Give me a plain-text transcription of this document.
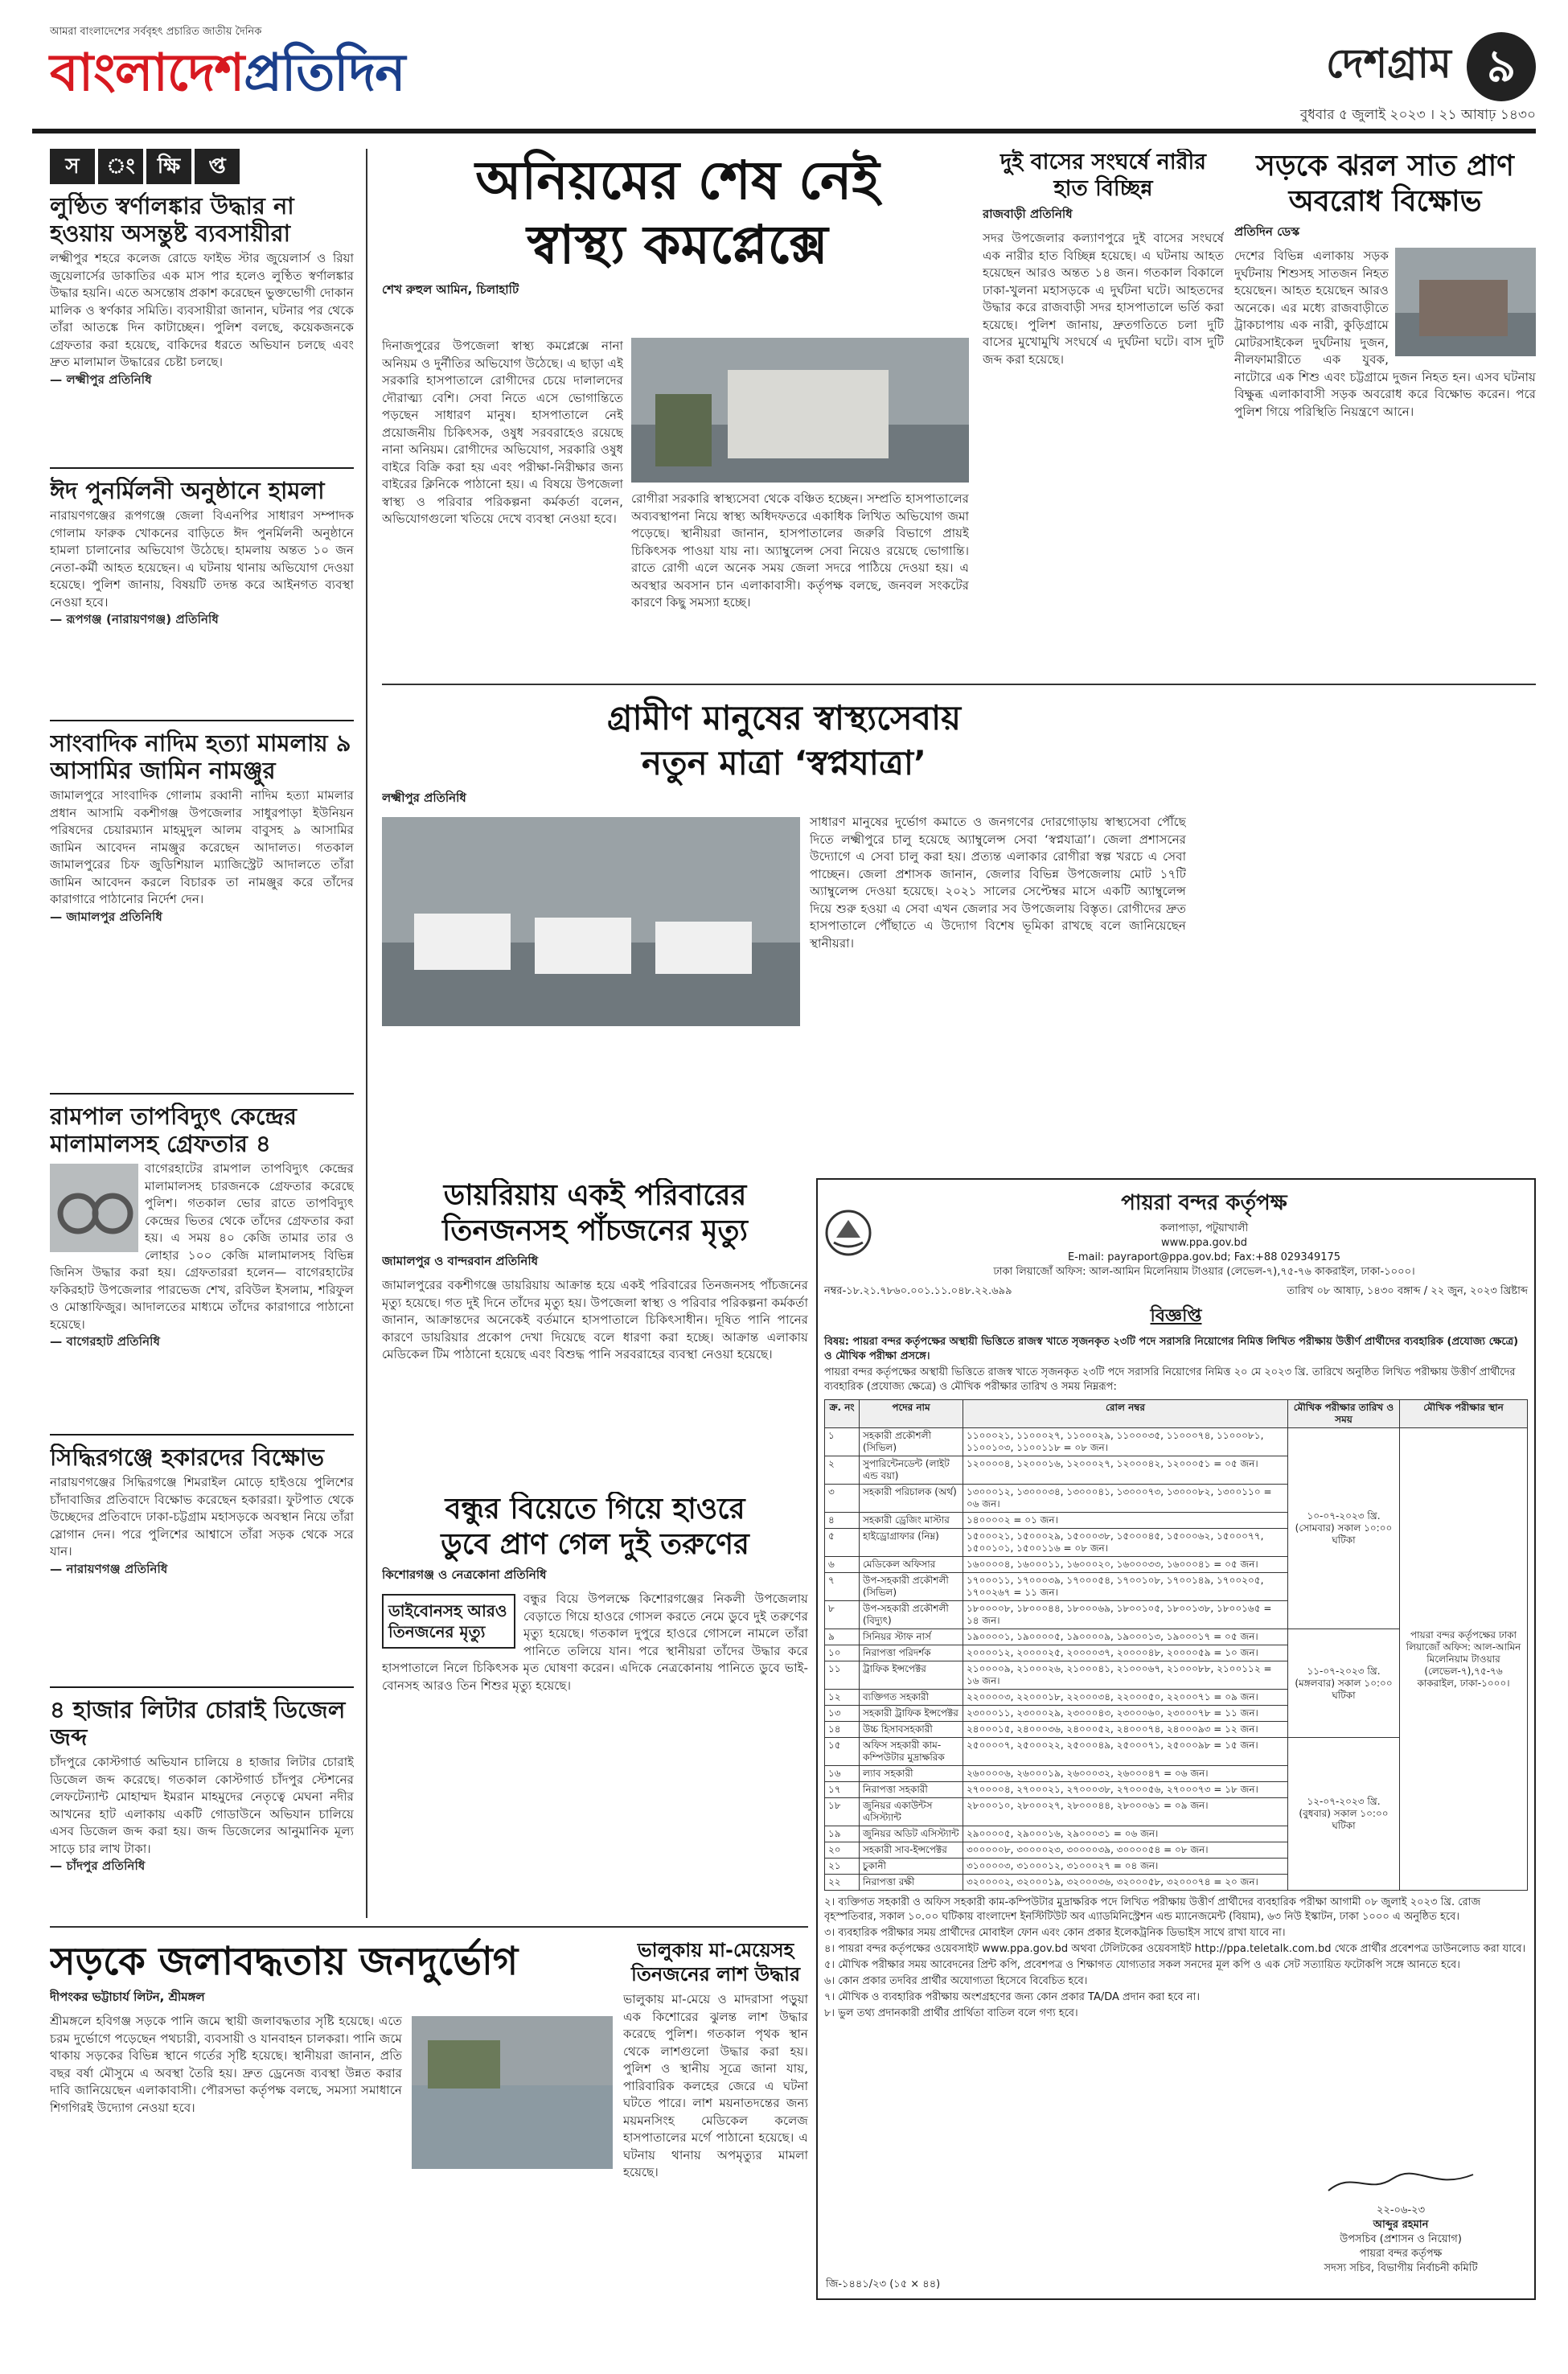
আমরা বাংলাদেশের সর্ববৃহৎ প্রচারিত জাতীয় দৈনিক
বাংলাদেশপ্রতিদিন	দেশগ্রাম ৯
বুধবার ৫ জুলাই ২০২৩ । ২১ আষাঢ় ১৪৩০
স	ং	ক্ষি	প্ত
লুণ্ঠিত স্বর্ণালঙ্কার উদ্ধার না হওয়ায় অসন্তুষ্ট ব্যবসায়ীরা

লক্ষ্মীপুর শহরে কলেজ রোডে ফাইভ স্টার জুয়েলার্স ও রিয়া জুয়েলার্সের ডাকাতির এক মাস পার হলেও লুণ্ঠিত স্বর্ণালঙ্কার উদ্ধার হয়নি। এতে অসন্তোষ প্রকাশ করেছেন ভুক্তভোগী দোকান মালিক ও স্বর্ণকার সমিতি। ব্যবসায়ীরা জানান, ঘটনার পর থেকে তাঁরা আতঙ্কে দিন কাটাচ্ছেন। পুলিশ বলছে, কয়েকজনকে গ্রেফতার করা হয়েছে, বাকিদের ধরতে অভিযান চলছে এবং দ্রুত মালামাল উদ্ধারের চেষ্টা চলছে।

— লক্ষ্মীপুর প্রতিনিধি

ঈদ পুনর্মিলনী অনুষ্ঠানে হামলা

নারায়ণগঞ্জের রূপগঞ্জে জেলা বিএনপির সাধারণ সম্পাদক গোলাম ফারুক খোকনের বাড়িতে ঈদ পুনর্মিলনী অনুষ্ঠানে হামলা চালানোর অভিযোগ উঠেছে। হামলায় অন্তত ১০ জন নেতা-কর্মী আহত হয়েছেন। এ ঘটনায় থানায় অভিযোগ দেওয়া হয়েছে। পুলিশ জানায়, বিষয়টি তদন্ত করে আইনগত ব্যবস্থা নেওয়া হবে।

— রূপগঞ্জ (নারায়ণগঞ্জ) প্রতিনিধি

সাংবাদিক নাদিম হত্যা মামলায় ৯ আসামির জামিন নামঞ্জুর

জামালপুরে সাংবাদিক গোলাম রব্বানী নাদিম হত্যা মামলার প্রধান আসামি বকশীগঞ্জ উপজেলার সাধুরপাড়া ইউনিয়ন পরিষদের চেয়ারম্যান মাহমুদুল আলম বাবুসহ ৯ আসামির জামিন আবেদন নামঞ্জুর করেছেন আদালত। গতকাল জামালপুরের চিফ জুডিশিয়াল ম্যাজিস্ট্রেট আদালতে তাঁরা জামিন আবেদন করলে বিচারক তা নামঞ্জুর করে তাঁদের কারাগারে পাঠানোর নির্দেশ দেন।

— জামালপুর প্রতিনিধি

রামপাল তাপবিদ্যুৎ কেন্দ্রের মালামালসহ গ্রেফতার ৪

বাগেরহাটের রামপাল তাপবিদ্যুৎ কেন্দ্রের মালামালসহ চারজনকে গ্রেফতার করেছে পুলিশ। গতকাল ভোর রাতে তাপবিদ্যুৎ কেন্দ্রের ভিতর থেকে তাঁদের গ্রেফতার করা হয়। এ সময় ৪০ কেজি তামার তার ও লোহার ১০০ কেজি মালামালসহ বিভিন্ন জিনিস উদ্ধার করা হয়। গ্রেফতাররা হলেন— বাগেরহাটের ফকিরহাট উপজেলার পারভেজ শেখ, রবিউল ইসলাম, শরিফুল ও মোস্তাফিজুর। আদালতের মাধ্যমে তাঁদের কারাগারে পাঠানো হয়েছে।

— বাগেরহাট প্রতিনিধি

সিদ্ধিরগঞ্জে হকারদের বিক্ষোভ

নারায়ণগঞ্জের সিদ্ধিরগঞ্জে শিমরাইল মোড়ে হাইওয়ে পুলিশের চাঁদাবাজির প্রতিবাদে বিক্ষোভ করেছেন হকাররা। ফুটপাত থেকে উচ্ছেদের প্রতিবাদে ঢাকা-চট্টগ্রাম মহাসড়কে অবস্থান নিয়ে তাঁরা স্লোগান দেন। পরে পুলিশের আশ্বাসে তাঁরা সড়ক থেকে সরে যান।

— নারায়ণগঞ্জ প্রতিনিধি

৪ হাজার লিটার চোরাই ডিজেল জব্দ

চাঁদপুরে কোস্টগার্ড অভিযান চালিয়ে ৪ হাজার লিটার চোরাই ডিজেল জব্দ করেছে। গতকাল কোস্টগার্ড চাঁদপুর স্টেশনের লেফটেন্যান্ট মোহাম্মদ ইমরান মাহমুদের নেতৃত্বে মেঘনা নদীর আখনের হাট এলাকায় একটি গোডাউনে অভিযান চালিয়ে এসব ডিজেল জব্দ করা হয়। জব্দ ডিজেলের আনুমানিক মূল্য সাড়ে চার লাখ টাকা।

— চাঁদপুর প্রতিনিধি

অনিয়মের শেষ নেই
স্বাস্থ্য কমপ্লেক্সে
শেখ রুহুল আমিন, চিলাহাটি

দিনাজপুরের উপজেলা স্বাস্থ্য কমপ্লেক্সে নানা অনিয়ম ও দুর্নীতির অভিযোগ উঠেছে। এ ছাড়া এই সরকারি হাসপাতালে রোগীদের চেয়ে দালালদের দৌরাত্ম্য বেশি। সেবা নিতে এসে ভোগান্তিতে পড়ছেন সাধারণ মানুষ। হাসপাতালে নেই প্রয়োজনীয় চিকিৎসক, ওষুধ সরবরাহেও রয়েছে নানা অনিয়ম। রোগীদের অভিযোগ, সরকারি ওষুধ বাইরে বিক্রি করা হয় এবং পরীক্ষা-নিরীক্ষার জন্য বাইরের ক্লিনিকে পাঠানো হয়। এ বিষয়ে উপজেলা স্বাস্থ্য ও পরিবার পরিকল্পনা কর্মকর্তা বলেন, অভিযোগগুলো খতিয়ে দেখে ব্যবস্থা নেওয়া হবে।

রোগীরা সরকারি স্বাস্থ্যসেবা থেকে বঞ্চিত হচ্ছেন। সম্প্রতি হাসপাতালের অব্যবস্থাপনা নিয়ে স্বাস্থ্য অধিদফতরে একাধিক লিখিত অভিযোগ জমা পড়েছে। স্থানীয়রা জানান, হাসপাতালের জরুরি বিভাগে প্রায়ই চিকিৎসক পাওয়া যায় না। অ্যাম্বুলেন্স সেবা নিয়েও রয়েছে ভোগান্তি। রাতে রোগী এলে অনেক সময় জেলা সদরে পাঠিয়ে দেওয়া হয়। এ অবস্থার অবসান চান এলাকাবাসী। কর্তৃপক্ষ বলছে, জনবল সংকটের কারণে কিছু সমস্যা হচ্ছে।

দুই বাসের সংঘর্ষে নারীর হাত বিচ্ছিন্ন
রাজবাড়ী প্রতিনিধি

সদর উপজেলার কল্যাণপুরে দুই বাসের সংঘর্ষে এক নারীর হাত বিচ্ছিন্ন হয়েছে। এ ঘটনায় আহত হয়েছেন আরও অন্তত ১৪ জন। গতকাল বিকালে ঢাকা-খুলনা মহাসড়কে এ দুর্ঘটনা ঘটে। আহতদের উদ্ধার করে রাজবাড়ী সদর হাসপাতালে ভর্তি করা হয়েছে। পুলিশ জানায়, দ্রুতগতিতে চলা দুটি বাসের মুখোমুখি সংঘর্ষে এ দুর্ঘটনা ঘটে। বাস দুটি জব্দ করা হয়েছে।

সড়কে ঝরল সাত প্রাণ
অবরোধ বিক্ষোভ
প্রতিদিন ডেস্ক

দেশের বিভিন্ন এলাকায় সড়ক দুর্ঘটনায় শিশুসহ সাতজন নিহত হয়েছেন। আহত হয়েছেন আরও অনেকে। এর মধ্যে রাজবাড়ীতে ট্রাকচাপায় এক নারী, কুড়িগ্রামে মোটরসাইকেল দুর্ঘটনায় দুজন, নীলফামারীতে এক যুবক, নাটোরে এক শিশু এবং চট্টগ্রামে দুজন নিহত হন। এসব ঘটনায় বিক্ষুব্ধ এলাকাবাসী সড়ক অবরোধ করে বিক্ষোভ করেন। পরে পুলিশ গিয়ে পরিস্থিতি নিয়ন্ত্রণে আনে।

গ্রামীণ মানুষের স্বাস্থ্যসেবায়
নতুন মাত্রা ‘স্বপ্নযাত্রা’
লক্ষ্মীপুর প্রতিনিধি

সাধারণ মানুষের দুর্ভোগ কমাতে ও জনগণের দোরগোড়ায় স্বাস্থ্যসেবা পৌঁছে দিতে লক্ষ্মীপুরে চালু হয়েছে অ্যাম্বুলেন্স সেবা ‘স্বপ্নযাত্রা’। জেলা প্রশাসনের উদ্যোগে এ সেবা চালু করা হয়। প্রত্যন্ত এলাকার রোগীরা স্বল্প খরচে এ সেবা পাচ্ছেন। জেলা প্রশাসক জানান, জেলার বিভিন্ন উপজেলায় মোট ১৭টি অ্যাম্বুলেন্স দেওয়া হয়েছে। ২০২১ সালের সেপ্টেম্বর মাসে একটি অ্যাম্বুলেন্স দিয়ে শুরু হওয়া এ সেবা এখন জেলার সব উপজেলায় বিস্তৃত। রোগীদের দ্রুত হাসপাতালে পৌঁছাতে এ উদ্যোগ বিশেষ ভূমিকা রাখছে বলে জানিয়েছেন স্থানীয়রা।

ডায়রিয়ায় একই পরিবারের
তিনজনসহ পাঁচজনের মৃত্যু
জামালপুর ও বান্দরবান প্রতিনিধি

জামালপুরের বকশীগঞ্জে ডায়রিয়ায় আক্রান্ত হয়ে একই পরিবারের তিনজনসহ পাঁচজনের মৃত্যু হয়েছে। গত দুই দিনে তাঁদের মৃত্যু হয়। উপজেলা স্বাস্থ্য ও পরিবার পরিকল্পনা কর্মকর্তা জানান, আক্রান্তদের অনেকেই বর্তমানে হাসপাতালে চিকিৎসাধীন। দূষিত পানি পানের কারণে ডায়রিয়ার প্রকোপ দেখা দিয়েছে বলে ধারণা করা হচ্ছে। আক্রান্ত এলাকায় মেডিকেল টিম পাঠানো হয়েছে এবং বিশুদ্ধ পানি সরবরাহের ব্যবস্থা নেওয়া হয়েছে।

বন্ধুর বিয়েতে গিয়ে হাওরে
ডুবে প্রাণ গেল দুই তরুণের
কিশোরগঞ্জ ও নেত্রকোনা প্রতিনিধি
ডাইবোনসহ আরও তিনজনের মৃত্যু

বন্ধুর বিয়ে উপলক্ষে কিশোরগঞ্জের নিকলী উপজেলায় বেড়াতে গিয়ে হাওরে গোসল করতে নেমে ডুবে দুই তরুণের মৃত্যু হয়েছে। গতকাল দুপুরে হাওরে গোসলে নামলে তাঁরা পানিতে তলিয়ে যান। পরে স্থানীয়রা তাঁদের উদ্ধার করে হাসপাতালে নিলে চিকিৎসক মৃত ঘোষণা করেন। এদিকে নেত্রকোনায় পানিতে ডুবে ভাই-বোনসহ আরও তিন শিশুর মৃত্যু হয়েছে।

পায়রা বন্দর কর্তৃপক্ষ
কলাপাড়া, পটুয়াখালী
www.ppa.gov.bd
E-mail: payraport@ppa.gov.bd; Fax:+88 029349175
ঢাকা লিয়াজোঁ অফিস: আল-আমিন মিলেনিয়াম টাওয়ার (লেভেল-৭),৭৫-৭৬ কাকরাইল, ঢাকা-১০০০।
নম্বর-১৮.২১.৭৮৬০.০০১.১১.০৪৮.২২.৬৯৯	তারিখ ০৮ আষাঢ়, ১৪৩০ বঙ্গাব্দ / ২২ জুন, ২০২৩ খ্রিষ্টাব্দ
বিজ্ঞপ্তি

বিষয়: পায়রা বন্দর কর্তৃপক্ষের অস্থায়ী ভিত্তিতে রাজস্ব খাতে সৃজনকৃত ২৩টি পদে সরাসরি নিয়োগের নিমিত্ত লিখিত পরীক্ষায় উত্তীর্ণ প্রার্থীদের ব্যবহারিক (প্রযোজ্য ক্ষেত্রে) ও মৌখিক পরীক্ষা প্রসঙ্গে।

পায়রা বন্দর কর্তৃপক্ষের অস্থায়ী ভিত্তিতে রাজস্ব খাতে সৃজনকৃত ২৩টি পদে সরাসরি নিয়োগের নিমিত্ত ২০ মে ২০২৩ খ্রি. তারিখে অনুষ্ঠিত লিখিত পরীক্ষায় উত্তীর্ণ প্রার্থীদের ব্যবহারিক (প্রযোজ্য ক্ষেত্রে) ও মৌখিক পরীক্ষার তারিখ ও সময় নিম্নরূপ:

ক্র. নং	পদের নাম	রোল নম্বর	মৌখিক পরীক্ষার তারিখ ও সময়	মৌখিক পরীক্ষার স্থান
১	সহকারী প্রকৌশলী (সিভিল)	১১০০০২১, ১১০০০২৭, ১১০০০২৯, ১১০০০৩৫, ১১০০০৭৪, ১১০০০৮১, ১১০০১০৩, ১১০০১১৮ = ০৮ জন।	১০-০৭-২০২৩ খ্রি. (সোমবার) সকাল ১০:০০ ঘটিকা	পায়রা বন্দর কর্তৃপক্ষের ঢাকা লিয়াজোঁ অফিস: আল-আমিন মিলেনিয়াম টাওয়ার (লেভেল-৭),৭৫-৭৬ কাকরাইল, ঢাকা-১০০০।
২	সুপারিন্টেনডেন্ট (লাইট এন্ড বয়া)	১২০০০০৪, ১২০০০১৬, ১২০০০২৭, ১২০০০৪২, ১২০০০৫১ = ০৫ জন।		
৩	সহকারী পরিচালক (অর্থ)	১৩০০০১২, ১৩০০০৩৪, ১৩০০০৪১, ১৩০০০৭৩, ১৩০০০৮২, ১৩০০১১০ = ০৬ জন।		
৪	সহকারী ড্রেজিং মাস্টার	১৪০০০০২ = ০১ জন।		
৫	হাইড্রোগ্রাফার (নিম্ন)	১৫০০০২১, ১৫০০০২৯, ১৫০০০৩৮, ১৫০০০৪৫, ১৫০০০৬২, ১৫০০০৭৭, ১৫০০১০১, ১৫০০১১৬ = ০৮ জন।		
৬	মেডিকেল অফিসার	১৬০০০০৪, ১৬০০০১১, ১৬০০০২০, ১৬০০০৩৩, ১৬০০০৪১ = ০৫ জন।		
৭	উপ-সহকারী প্রকৌশলী (সিভিল)	১৭০০০১১, ১৭০০০৩৯, ১৭০০০৫৪, ১৭০০১০৮, ১৭০০১৪৯, ১৭০০২০৫, ১৭০০২৬৭ = ১১ জন।		
৮	উপ-সহকারী প্রকৌশলী (বিদ্যুৎ)	১৮০০০০৮, ১৮০০০৪৪, ১৮০০০৬৯, ১৮০০১০৫, ১৮০০১৩৮, ১৮০০১৬৫ = ১৪ জন।		
৯	সিনিয়র স্টাফ নার্স	১৯০০০০১, ১৯০০০০৫, ১৯০০০০৯, ১৯০০০১৩, ১৯০০০১৭ = ০৫ জন।	১১-০৭-২০২৩ খ্রি. (মঙ্গলবার) সকাল ১০:০০ ঘটিকা	
১০	নিরাপত্তা পরিদর্শক	২০০০০১২, ২০০০০২৫, ২০০০০৩৭, ২০০০০৪৮, ২০০০০৫৯ = ১০ জন।		
১১	ট্রাফিক ইন্সপেক্টর	২১০০০০৯, ২১০০০২৬, ২১০০০৪১, ২১০০০৬৭, ২১০০০৮৮, ২১০০১১২ = ১৬ জন।		
১২	ব্যক্তিগত সহকারী	২২০০০০৩, ২২০০০১৮, ২২০০০৩৪, ২২০০০৫০, ২২০০০৭১ = ০৯ জন।		
১৩	সহকারী ট্রাফিক ইন্সপেক্টর	২৩০০০১১, ২৩০০০২৯, ২৩০০০৪৩, ২৩০০০৬০, ২৩০০০৭৮ = ১১ জন।		
১৪	উচ্চ হিসাবসহকারী	২৪০০০১৫, ২৪০০০৩৬, ২৪০০০৫২, ২৪০০০৭৪, ২৪০০০৯৩ = ১২ জন।		
১৫	অফিস সহকারী কাম-কম্পিউটার মুদ্রাক্ষরিক	২৫০০০০৭, ২৫০০০২২, ২৫০০০৪৯, ২৫০০০৭১, ২৫০০০৯৮ = ১৫ জন।	১২-০৭-২০২৩ খ্রি. (বুধবার) সকাল ১০:০০ ঘটিকা	
১৬	ল্যাব সহকারী	২৬০০০০৬, ২৬০০০১৯, ২৬০০০৩২, ২৬০০০৪৭ = ০৬ জন।		
১৭	নিরাপত্তা সহকারী	২৭০০০০৪, ২৭০০০২১, ২৭০০০৩৮, ২৭০০০৫৬, ২৭০০০৭৩ = ১৮ জন।		
১৮	জুনিয়র একাউন্টস এসিস্ট্যান্ট	২৮০০০১০, ২৮০০০২৭, ২৮০০০৪৪, ২৮০০০৬১ = ০৯ জন।		
১৯	জুনিয়র অডিট এসিস্ট্যান্ট	২৯০০০০৫, ২৯০০০১৬, ২৯০০০৩১ = ০৬ জন।		
২০	সহকারী সাব-ইন্সপেক্টর	৩০০০০০৮, ৩০০০০২৩, ৩০০০০৩৯, ৩০০০০৫৪ = ০৮ জন।		
২১	চুকানী	৩১০০০০৩, ৩১০০০১২, ৩১০০০২৭ = ০৪ জন।		
২২	নিরাপত্তা রক্ষী	৩২০০০০২, ৩২০০০১৯, ৩২০০০৩৬, ৩২০০০৫৮, ৩২০০০৭৪ = ২০ জন।		

২। ব্যক্তিগত সহকারী ও অফিস সহকারী কাম-কম্পিউটার মুদ্রাক্ষরিক পদে লিখিত পরীক্ষায় উত্তীর্ণ প্রার্থীদের ব্যবহারিক পরীক্ষা আগামী ০৮ জুলাই ২০২৩ খ্রি. রোজ বৃহস্পতিবার, সকাল ১০.০০ ঘটিকায় বাংলাদেশ ইনস্টিটিউট অব এ্যাডমিনিস্ট্রেশন এন্ড ম্যানেজমেন্ট (বিয়াম), ৬৩ নিউ ইস্কাটন, ঢাকা ১০০০ এ অনুষ্ঠিত হবে।

৩। ব্যবহারিক পরীক্ষার সময় প্রার্থীদের মোবাইল ফোন এবং কোন প্রকার ইলেকট্রনিক ডিভাইস সাথে রাখা যাবে না।

৪। পায়রা বন্দর কর্তৃপক্ষের ওয়েবসাইট www.ppa.gov.bd অথবা টেলিটকের ওয়েবসাইট http://ppa.teletalk.com.bd থেকে প্রার্থীর প্রবেশপত্র ডাউনলোড করা যাবে।

৫। মৌখিক পরীক্ষার সময় আবেদনের প্রিন্ট কপি, প্রবেশপত্র ও শিক্ষাগত যোগ্যতার সকল সনদের মূল কপি ও এক সেট সত্যায়িত ফটোকপি সঙ্গে আনতে হবে।

৬। কোন প্রকার তদবির প্রার্থীর অযোগ্যতা হিসেবে বিবেচিত হবে।

৭। মৌখিক ও ব্যবহারিক পরীক্ষায় অংশগ্রহণের জন্য কোন প্রকার TA/DA প্রদান করা হবে না।

৮। ভুল তথ্য প্রদানকারী প্রার্থীর প্রার্থিতা বাতিল বলে গণ্য হবে।

২২-০৬-২৩
আব্দুর রহমান
উপসচিব (প্রশাসন ও নিয়োগ)
পায়রা বন্দর কর্তৃপক্ষ
সদস্য সচিব, বিভাগীয় নির্বাচনী কমিটি
জি-১৪৪১/২৩ (১৫ × ৪৪)
সড়কে জলাবদ্ধতায় জনদুর্ভোগ
দীপংকর ভট্টাচার্য লিটন, শ্রীমঙ্গল

শ্রীমঙ্গলে হবিগঞ্জ সড়কে পানি জমে স্থায়ী জলাবদ্ধতার সৃষ্টি হয়েছে। এতে চরম দুর্ভোগে পড়েছেন পথচারী, ব্যবসায়ী ও যানবাহন চালকরা। পানি জমে থাকায় সড়কের বিভিন্ন স্থানে গর্তের সৃষ্টি হয়েছে। স্থানীয়রা জানান, প্রতি বছর বর্ষা মৌসুমে এ অবস্থা তৈরি হয়। দ্রুত ড্রেনেজ ব্যবস্থা উন্নত করার দাবি জানিয়েছেন এলাকাবাসী। পৌরসভা কর্তৃপক্ষ বলছে, সমস্যা সমাধানে শিগগিরই উদ্যোগ নেওয়া হবে।

ভালুকায় মা-মেয়েসহ
তিনজনের লাশ উদ্ধার

ভালুকায় মা-মেয়ে ও মাদরাসা পড়ুয়া এক কিশোরের ঝুলন্ত লাশ উদ্ধার করেছে পুলিশ। গতকাল পৃথক স্থান থেকে লাশগুলো উদ্ধার করা হয়। পুলিশ ও স্থানীয় সূত্রে জানা যায়, পারিবারিক কলহের জেরে এ ঘটনা ঘটতে পারে। লাশ ময়নাতদন্তের জন্য ময়মনসিংহ মেডিকেল কলেজ হাসপাতালের মর্গে পাঠানো হয়েছে। এ ঘটনায় থানায় অপমৃত্যুর মামলা হয়েছে।
